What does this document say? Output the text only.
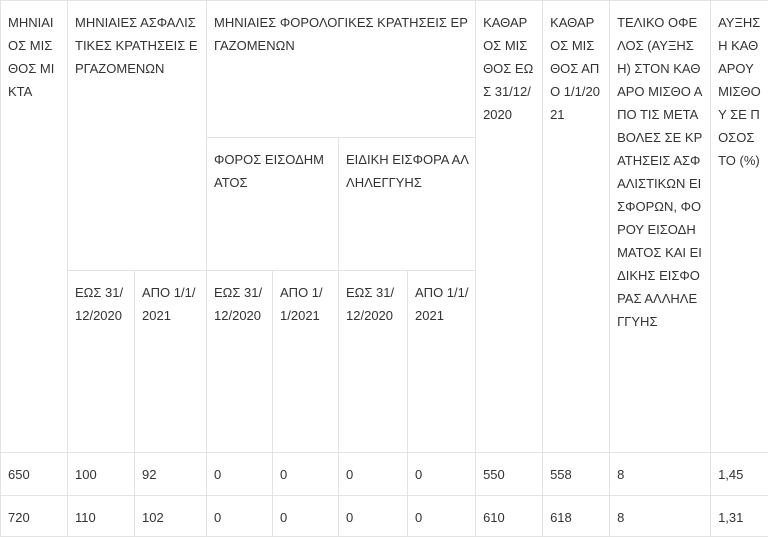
ΜΗΝΙΑΙΟΣ ΜΙΣΘΟΣ ΜΙΚΤΑ	ΜΗΝΙΑΙΕΣ ΑΣΦΑΛΙΣΤΙΚΕΣ ΚΡΑΤΗΣΕΙΣ ΕΡΓΑΖΟΜΕΝΩΝ		ΜΗΝΙΑΙΕΣ ΦΟΡΟΛΟΓΙΚΕΣ ΚΡΑΤΗΣΕΙΣ ΕΡΓΑΖΟΜΕΝΩΝ				ΚΑΘΑΡΟΣ ΜΙΣΘΟΣ ΕΩΣ 31/12/2020	ΚΑΘΑΡΟΣ ΜΙΣΘΟΣ ΑΠΟ 1/1/2021	ΤΕΛΙΚΟ ΟΦΕΛΟΣ (ΑΥΞΗΣΗ) ΣΤΟΝ ΚΑΘΑΡΟ ΜΙΣΘΟ ΑΠΟ ΤΙΣ ΜΕΤΑΒΟΛΕΣ ΣΕ ΚΡΑΤΗΣΕΙΣ ΑΣΦΑΛΙΣΤΙΚΩΝ ΕΙΣΦΟΡΩΝ, ΦΟΡΟΥ ΕΙΣΟΔΗΜΑΤΟΣ ΚΑΙ ΕΙΔΙΚΗΣ ΕΙΣΦΟΡΑΣ ΑΛΛΗΛΕΓΓΥΗΣ	ΑΥΞΗΣΗ ΚΑΘΑΡΟΥ ΜΙΣΘΟΥ ΣΕ ΠΟΣΟΣΤΟ (%)
			ΦΟΡΟΣ ΕΙΣΟΔΗΜΑΤΟΣ		ΕΙΔΙΚΗ ΕΙΣΦΟΡΑ ΑΛΛΗΛΕΓΓΥΗΣ					
	ΕΩΣ 31/12/2020	ΑΠΟ 1/1/2021	ΕΩΣ 31/12/2020	ΑΠΟ 1/1/2021	ΕΩΣ 31/12/2020	ΑΠΟ 1/1/2021				
650	100	92	0	0	0	0	550	558	8	1,45
720	110	102	0	0	0	0	610	618	8	1,31
